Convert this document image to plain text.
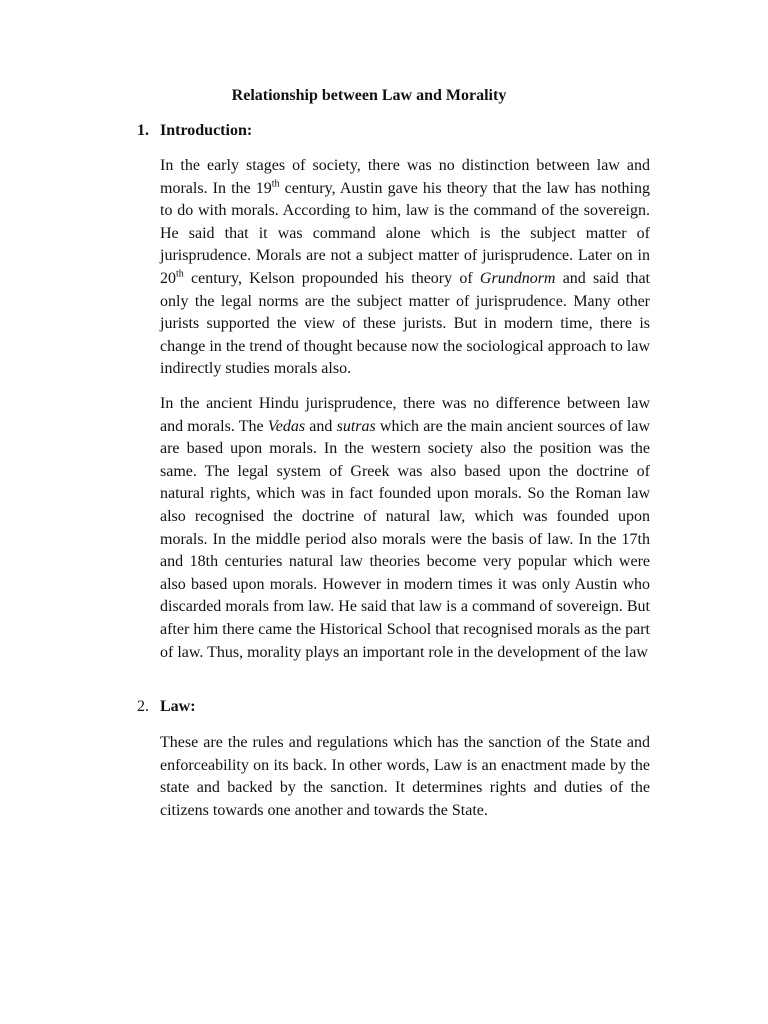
Relationship between Law and Morality
1. Introduction:

In the early stages of society, there was no distinction between law and morals. In the 19th century, Austin gave his theory that the law has nothing to do with morals. According to him, law is the command of the sovereign. He said that it was command alone which is the subject matter of jurisprudence. Morals are not a subject matter of jurisprudence. Later on in 20th century, Kelson propounded his theory of Grundnorm and said that only the legal norms are the subject matter of jurisprudence. Many other jurists supported the view of these jurists. But in modern time, there is change in the trend of thought because now the sociological approach to law indirectly studies morals also.

In the ancient Hindu jurisprudence, there was no difference between law and morals. The Vedas and sutras which are the main ancient sources of law are based upon morals. In the western society also the position was the same. The legal system of Greek was also based upon the doctrine of natural rights, which was in fact founded upon morals. So the Roman law also recognised the doctrine of natural law, which was founded upon morals. In the middle period also morals were the basis of law. In the 17th and 18th centuries natural law theories become very popular which were also based upon morals. However in modern times it was only Austin who discarded morals from law. He said that law is a command of sovereign. But after him there came the Historical School that recognised morals as the part of law. Thus, morality plays an important role in the development of the law

2. Law:

These are the rules and regulations which has the sanction of the State and enforceability on its back. In other words, Law is an enactment made by the state and backed by the sanction. It determines rights and duties of the citizens towards one another and towards the State.
